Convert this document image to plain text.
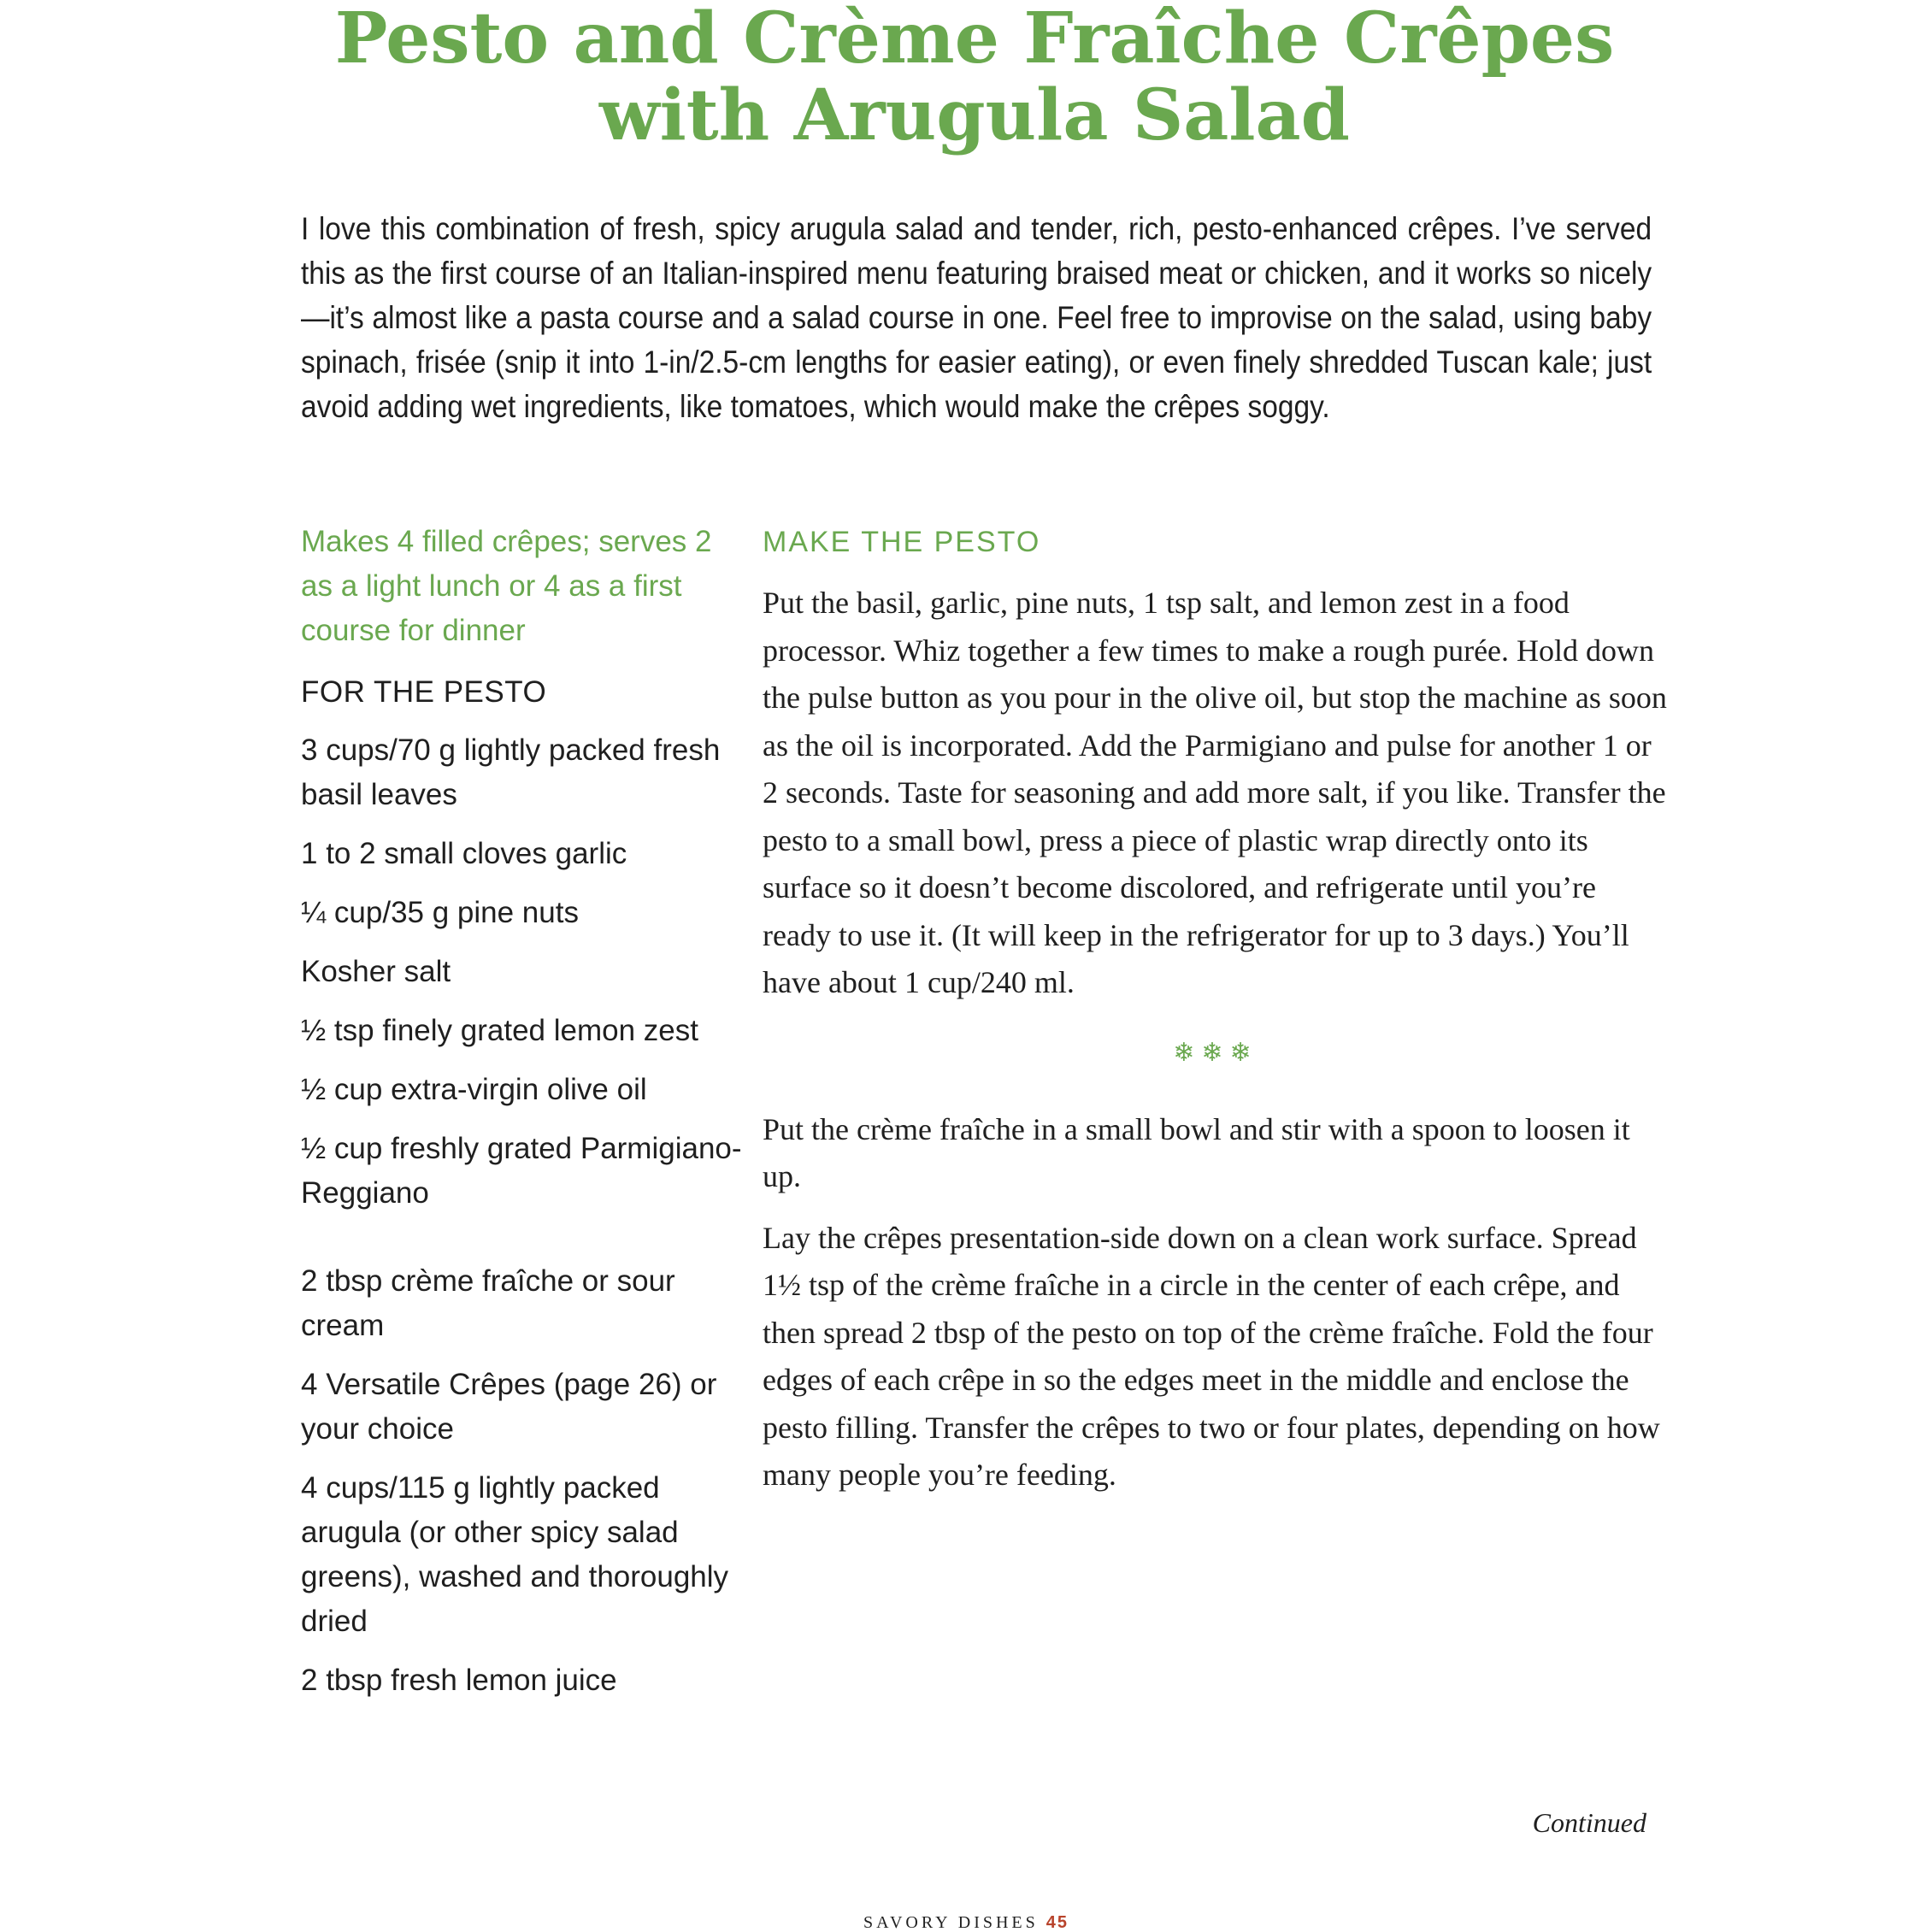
Pesto and Crème Fraîche Crêpes
with Arugula Salad

I love this combination of fresh, spicy arugula salad and tender, rich, pesto-enhanced crêpes. I’ve served this as the first course of an Italian-inspired menu featuring braised meat or chicken, and it works so nicely—it’s almost like a pasta course and a salad course in one. Feel free to improvise on the salad, using baby spinach, frisée (snip it into 1-in/2.5-cm lengths for easier eating), or even finely shredded Tuscan kale; just avoid adding wet ingredients, like tomatoes, which would make the crêpes soggy.

Makes 4 filled crêpes; serves 2 as a light lunch or 4 as a first course for dinner

FOR THE PESTO
3 cups/70 g lightly packed fresh basil leaves
1 to 2 small cloves garlic
¼ cup/35 g pine nuts
Kosher salt
½ tsp finely grated lemon zest
½ cup extra-virgin olive oil
½ cup freshly grated Parmigiano-Reggiano
2 tbsp crème fraîche or sour cream
4 Versatile Crêpes (page 26) or your choice
4 cups/115 g lightly packed arugula (or other spicy salad greens), washed and thoroughly dried
2 tbsp fresh lemon juice
MAKE THE PESTO

Put the basil, garlic, pine nuts, 1 tsp salt, and lemon zest in a food processor. Whiz together a few times to make a rough purée. Hold down the pulse button as you pour in the olive oil, but stop the machine as soon as the oil is incorporated. Add the Parmigiano and pulse for another 1 or 2 seconds. Taste for seasoning and add more salt, if you like. Transfer the pesto to a small bowl, press a piece of plastic wrap directly onto its surface so it doesn’t become discolored, and refrigerate until you’re ready to use it. (It will keep in the refrigerator for up to 3 days.) You’ll have about 1 cup/240 ml.

❄❄❄

Put the crème fraîche in a small bowl and stir with a spoon to loosen it up.

Lay the crêpes presentation-side down on a clean work surface. Spread 1½ tsp of the crème fraîche in a circle in the center of each crêpe, and then spread 2 tbsp of the pesto on top of the crème fraîche. Fold the four edges of each crêpe in so the edges meet in the middle and enclose the pesto filling. Transfer the crêpes to two or four plates, depending on how many people you’re feeding.

Continued
SAVORY DISHES 45
